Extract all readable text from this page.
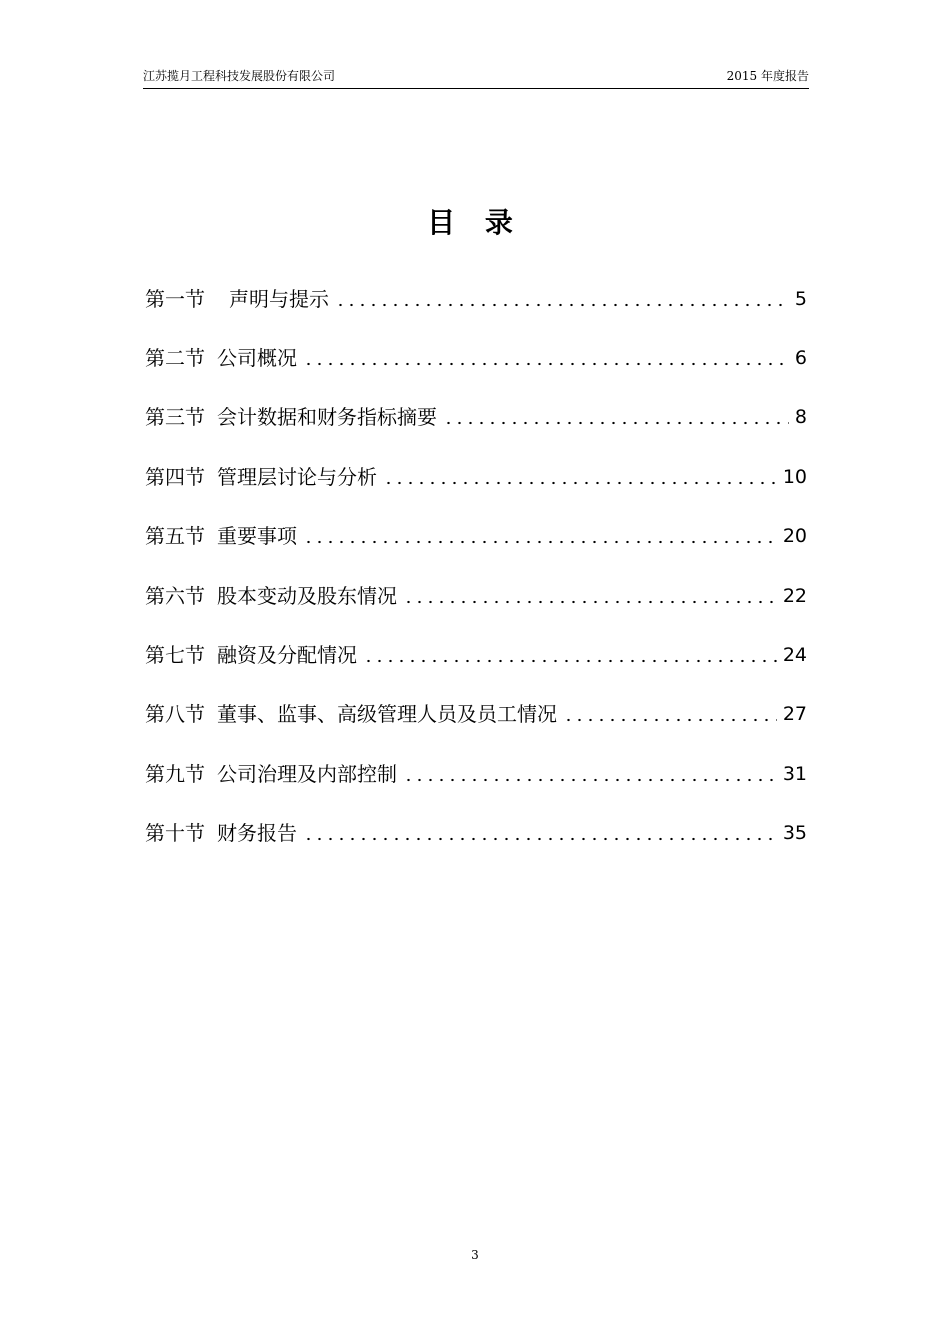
江苏揽月工程科技发展股份有限公司	2015 年度报告
目 录
第一节 声明与提示	5
第二节 公司概况	6
第三节 会计数据和财务指标摘要	8
第四节 管理层讨论与分析	10
第五节 重要事项	20
第六节 股本变动及股东情况	22
第七节 融资及分配情况	24
第八节 董事、监事、高级管理人员及员工情况	27
第九节 公司治理及内部控制	31
第十节 财务报告	35
3
